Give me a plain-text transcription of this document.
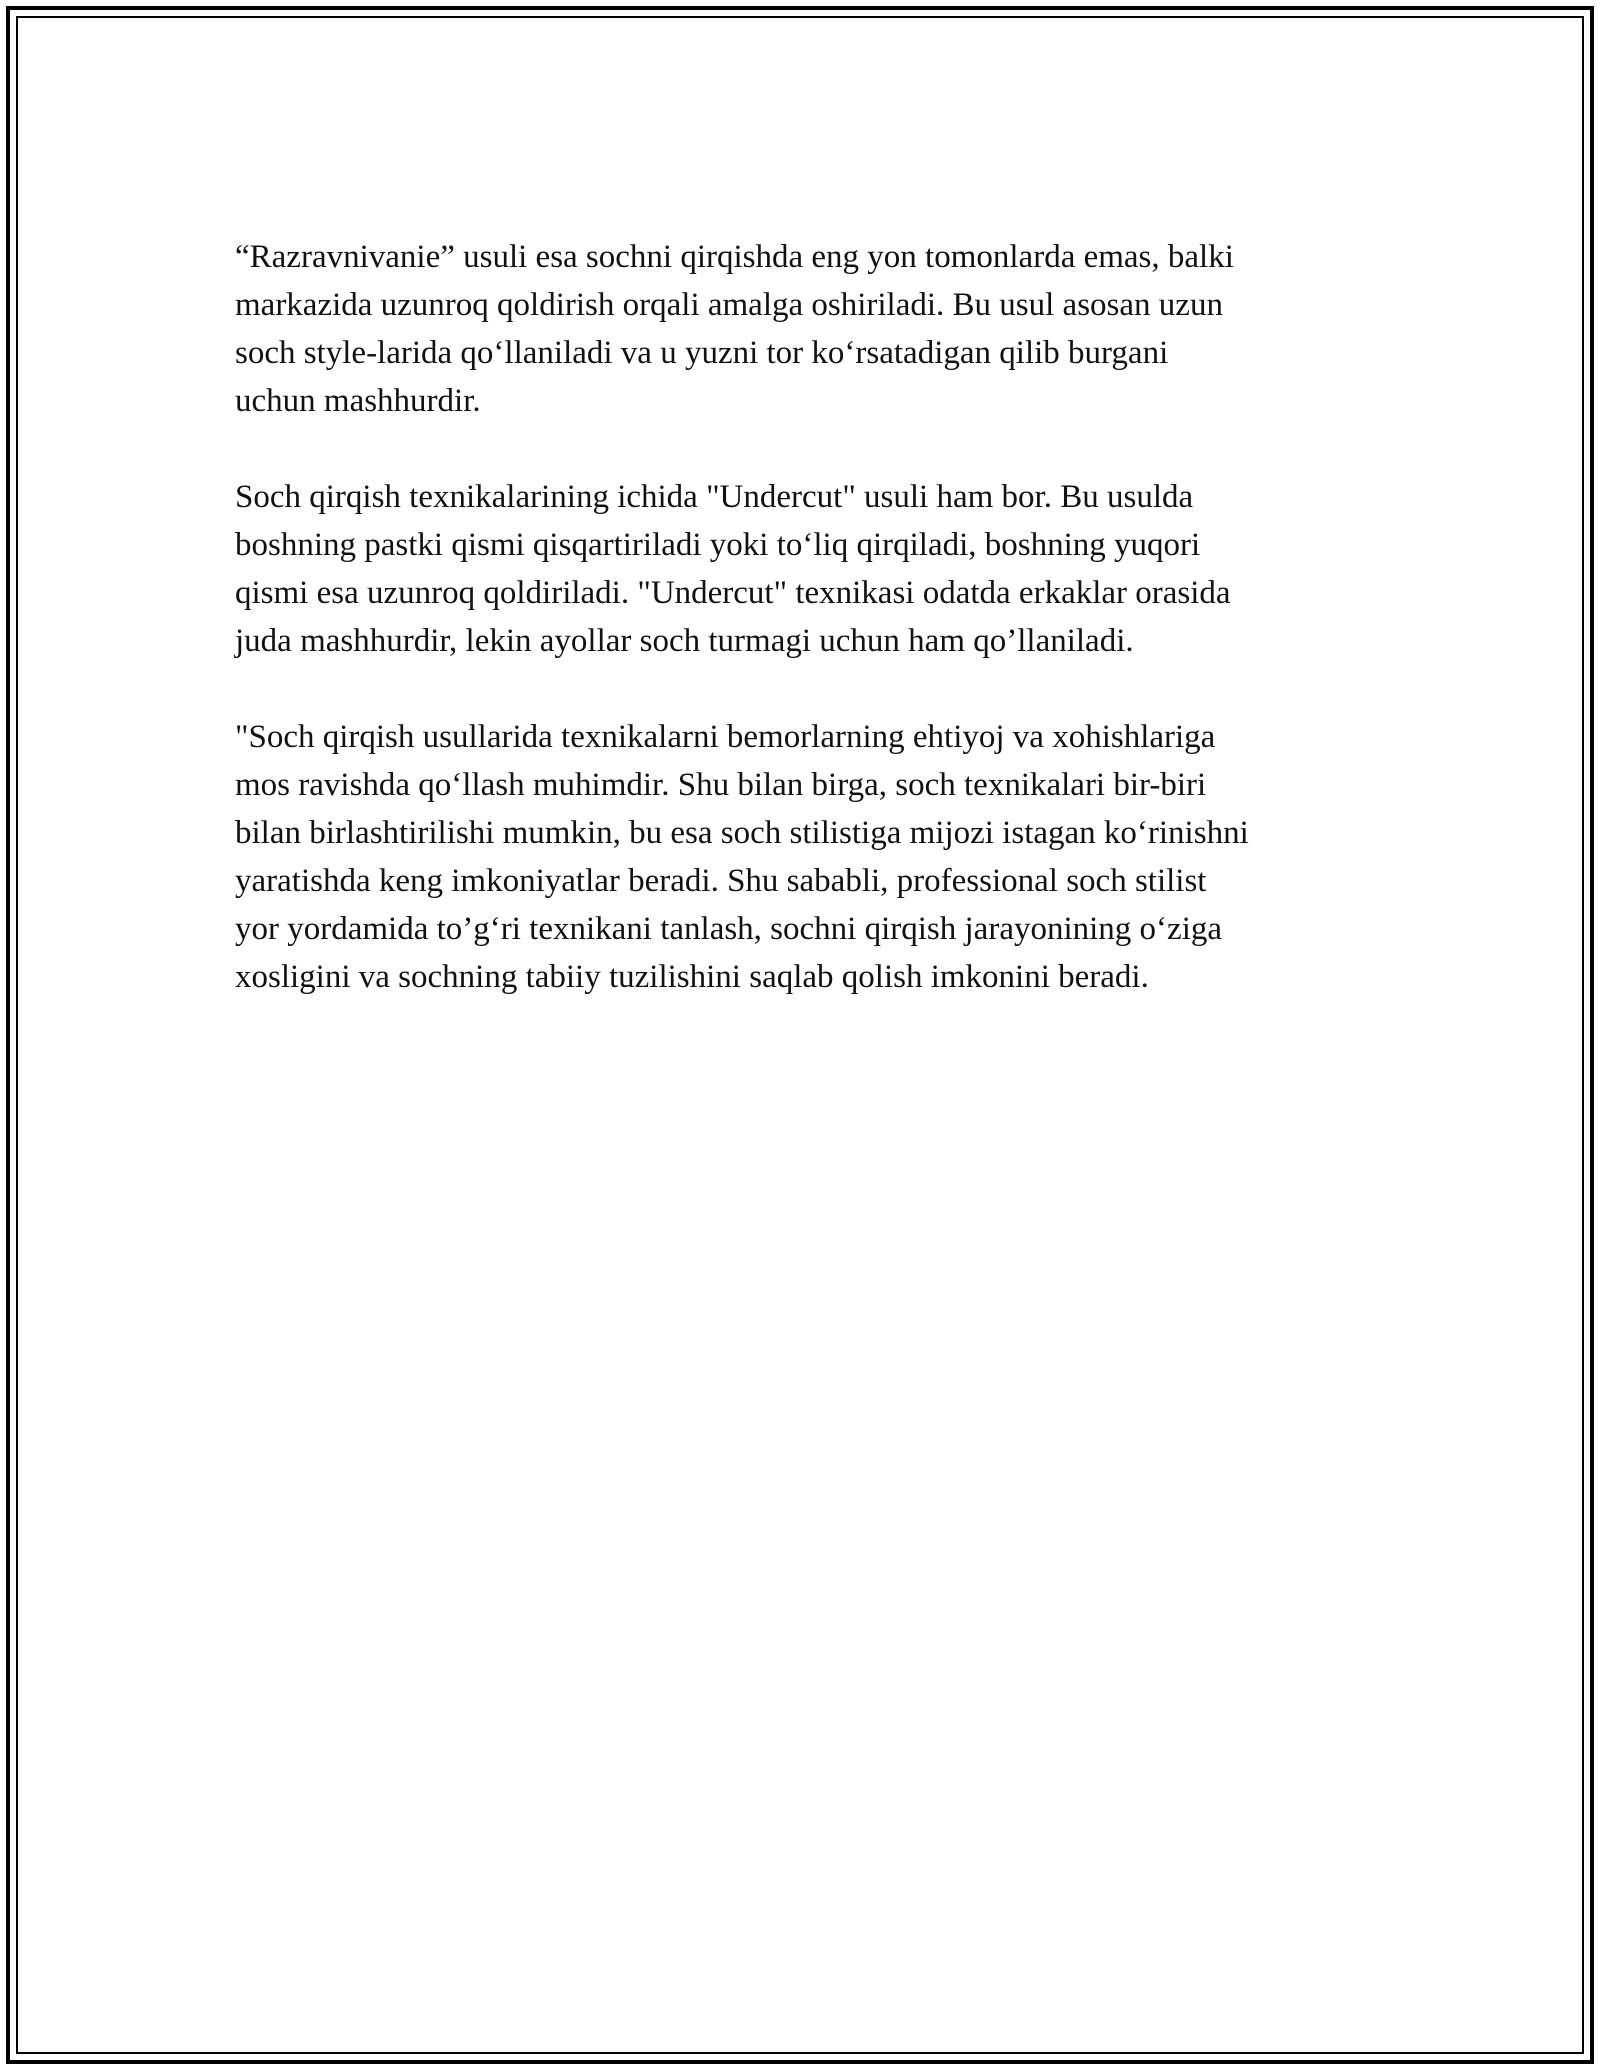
“Razravnivanie” usuli esa sochni qirqishda eng yon tomonlarda emas, balki
markazida uzunroq qoldirish orqali amalga oshiriladi. Bu usul asosan uzun
soch style-larida qo‘llaniladi va u yuzni tor ko‘rsatadigan qilib burgani
uchun mashhurdir.

Soch qirqish texnikalarining ichida "Undercut" usuli ham bor. Bu usulda
boshning pastki qismi qisqartiriladi yoki to‘liq qirqiladi, boshning yuqori
qismi esa uzunroq qoldiriladi. "Undercut" texnikasi odatda erkaklar orasida
juda mashhurdir, lekin ayollar soch turmagi uchun ham qo’llaniladi.

"Soch qirqish usullarida texnikalarni bemorlarning ehtiyoj va xohishlariga
mos ravishda qo‘llash muhimdir. Shu bilan birga, soch texnikalari bir-biri
bilan birlashtirilishi mumkin, bu esa soch stilistiga mijozi istagan ko‘rinishni
yaratishda keng imkoniyatlar beradi. Shu sababli, professional soch stilist
yor yordamida to’g‘ri texnikani tanlash, sochni qirqish jarayonining o‘ziga
xosligini va sochning tabiiy tuzilishini saqlab qolish imkonini beradi.
